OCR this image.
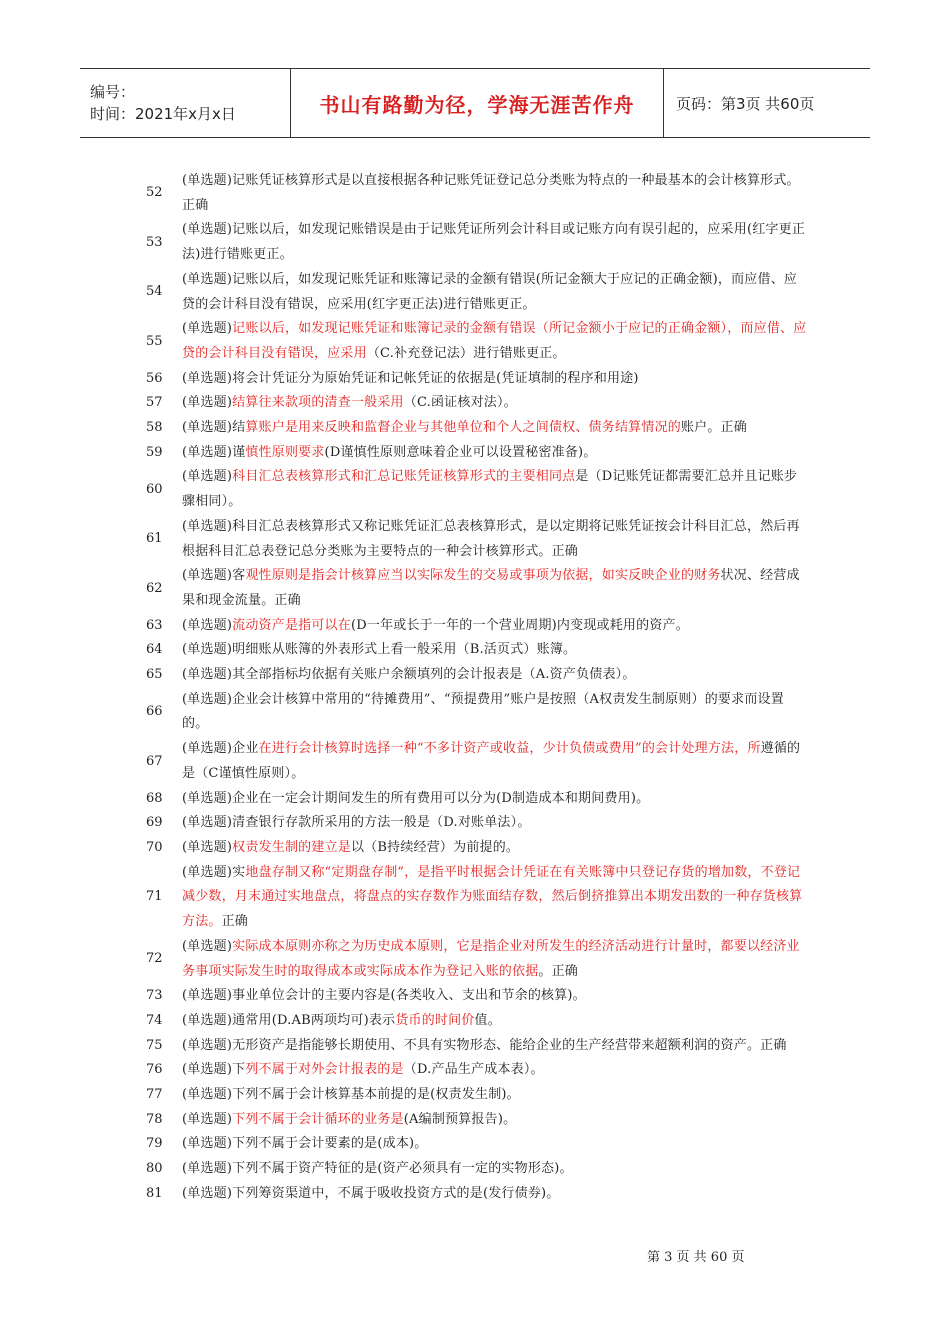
编号：
时间：2021年x月x日	书山有路勤为径，学海无涯苦作舟	页码：第3页 共60页
52
(单选题)记账凭证核算形式是以直接根据各种记账凭证登记总分类账为特点的一种最基本的会计核算形式。正确
53
(单选题)记账以后，如发现记账错误是由于记账凭证所列会计科目或记账方向有误引起的，应采用(红字更正法)进行错账更正。
54
(单选题)记账以后，如发现记账凭证和账簿记录的金额有错误(所记金额大于应记的正确金额)，而应借、应贷的会计科目没有错误，应采用(红字更正法)进行错账更正。
55
(单选题)记账以后，如发现记账凭证和账簿记录的金额有错误（所记金额小于应记的正确金额），而应借、应贷的会计科目没有错误，应采用（C.补充登记法）进行错账更正。
56	(单选题)将会计凭证分为原始凭证和记帐凭证的依据是(凭证填制的程序和用途)
57	(单选题)结算往来款项的清查一般采用（C.函证核对法）。
58	(单选题)结算账户是用来反映和监督企业与其他单位和个人之间债权、债务结算情况的账户。正确
59	(单选题)谨慎性原则要求(D谨慎性原则意味着企业可以设置秘密准备)。
60
(单选题)科目汇总表核算形式和汇总记账凭证核算形式的主要相同点是（D记账凭证都需要汇总并且记账步骤相同）。
61
(单选题)科目汇总表核算形式又称记账凭证汇总表核算形式，是以定期将记账凭证按会计科目汇总，然后再根据科目汇总表登记总分类账为主要特点的一种会计核算形式。正确
62
(单选题)客观性原则是指会计核算应当以实际发生的交易或事项为依据，如实反映企业的财务状况、经营成果和现金流量。正确
63	(单选题)流动资产是指可以在(D一年或长于一年的一个营业周期)内变现或耗用的资产。
64	(单选题)明细账从账簿的外表形式上看一般采用（B.活页式）账簿。
65	(单选题)其全部指标均依据有关账户余额填列的会计报表是（A.资产负债表）。
66
(单选题)企业会计核算中常用的“待摊费用”、“预提费用”账户是按照（A权责发生制原则）的要求而设置的。
67
(单选题)企业在进行会计核算时选择一种“不多计资产或收益，少计负债或费用”的会计处理方法，所遵循的是（C谨慎性原则）。
68	(单选题)企业在一定会计期间发生的所有费用可以分为(D制造成本和期间费用)。
69	(单选题)清查银行存款所采用的方法一般是（D.对账单法）。
70	(单选题)权责发生制的建立是以（B持续经营）为前提的。
71
(单选题)实地盘存制又称“定期盘存制”，是指平时根据会计凭证在有关账簿中只登记存货的增加数，不登记减少数，月末通过实地盘点，将盘点的实存数作为账面结存数，然后倒挤推算出本期发出数的一种存货核算方法。正确
72
(单选题)实际成本原则亦称之为历史成本原则，它是指企业对所发生的经济活动进行计量时，都要以经济业务事项实际发生时的取得成本或实际成本作为登记入账的依据。正确
73	(单选题)事业单位会计的主要内容是(各类收入、支出和节余的核算)。
74	(单选题)通常用(D.AB两项均可)表示货币的时间价值。
75	(单选题)无形资产是指能够长期使用、不具有实物形态、能给企业的生产经营带来超额利润的资产。正确
76	(单选题)下列不属于对外会计报表的是（D.产品生产成本表）。
77	(单选题)下列不属于会计核算基本前提的是(权责发生制)。
78	(单选题)下列不属于会计循环的业务是(A编制预算报告)。
79	(单选题)下列不属于会计要素的是(成本)。
80	(单选题)下列不属于资产特征的是(资产必须具有一定的实物形态)。
81	(单选题)下列筹资渠道中，不属于吸收投资方式的是(发行债券)。
第 3 页 共 60 页
